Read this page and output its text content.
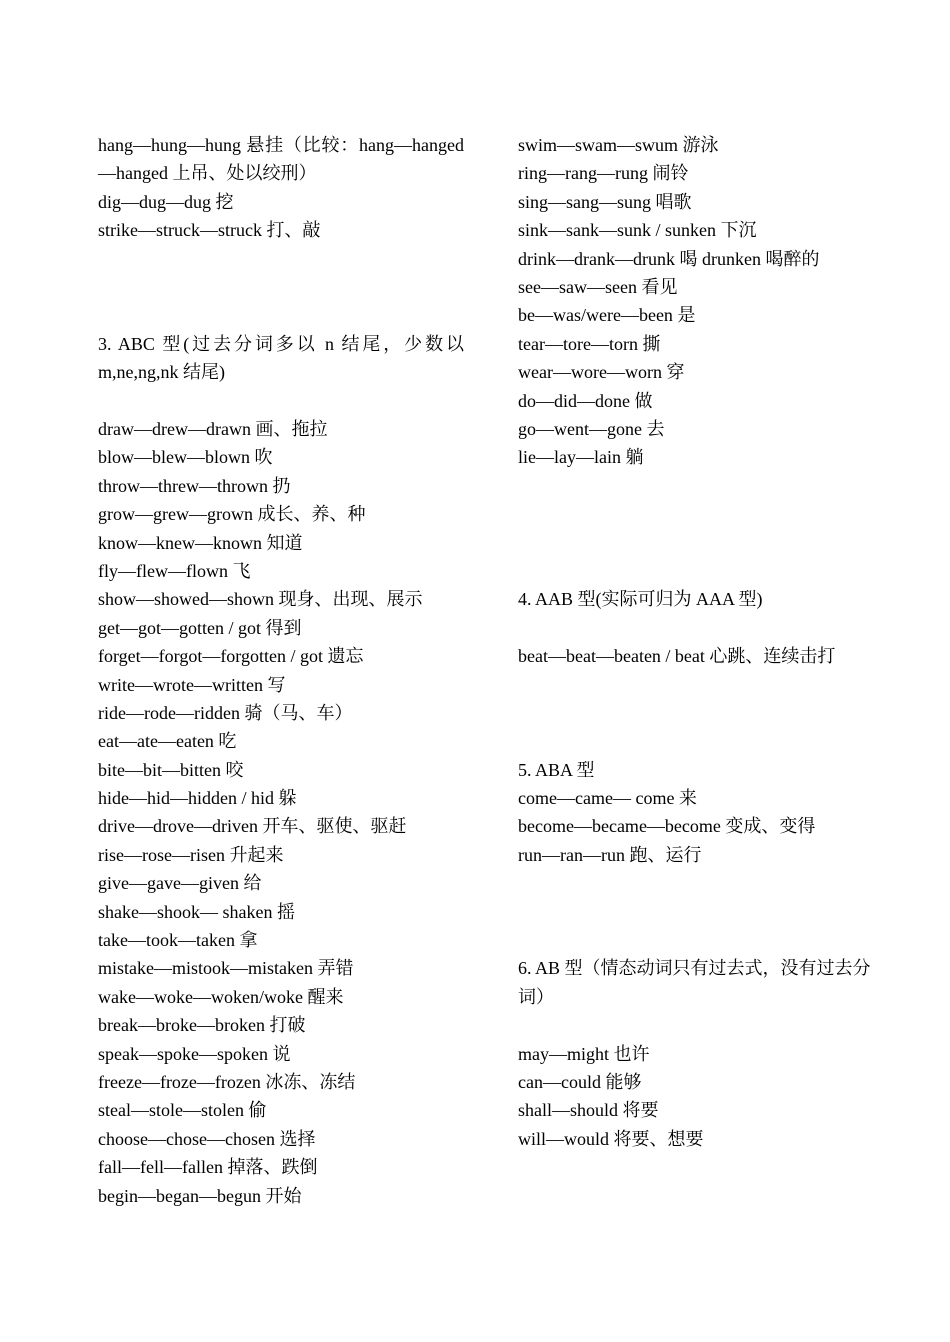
hang—hung—hung 悬挂（比较：hang—hanged—hanged 上吊、处以绞刑）
dig—dug—dug 挖
strike—struck—struck 打、敲
3. ABC 型(过去分词多以 n 结尾，少数以 m,ne,ng,nk 结尾)
draw—drew—drawn 画、拖拉
blow—blew—blown 吹
throw—threw—thrown 扔
grow—grew—grown 成长、养、种
know—knew—known 知道
fly—flew—flown 飞
show—showed—shown 现身、出现、展示
get—got—gotten / got 得到
forget—forgot—forgotten / got 遗忘
write—wrote—written 写
ride—rode—ridden 骑（马、车）
eat—ate—eaten 吃
bite—bit—bitten 咬
hide—hid—hidden / hid 躲
drive—drove—driven 开车、驱使、驱赶
rise—rose—risen 升起来
give—gave—given 给
shake—shook— shaken 摇
take—took—taken 拿
mistake—mistook—mistaken 弄错
wake—woke—woken/woke 醒来
break—broke—broken 打破
speak—spoke—spoken 说
freeze—froze—frozen 冰冻、冻结
steal—stole—stolen 偷
choose—chose—chosen 选择
fall—fell—fallen 掉落、跌倒
begin—began—begun 开始
swim—swam—swum 游泳
ring—rang—rung 闹铃
sing—sang—sung 唱歌
sink—sank—sunk / sunken 下沉
drink—drank—drunk 喝 drunken 喝醉的
see—saw—seen 看见
be—was/were—been 是
tear—tore—torn 撕
wear—wore—worn 穿
do—did—done 做
go—went—gone 去
lie—lay—lain 躺
4. AAB 型(实际可归为 AAA 型)
beat—beat—beaten / beat 心跳、连续击打
5. ABA 型
come—came— come 来
become—became—become 变成、变得
run—ran—run 跑、运行
6. AB 型（情态动词只有过去式，没有过去分词）
may—might 也许
can—could 能够
shall—should 将要
will—would 将要、想要
